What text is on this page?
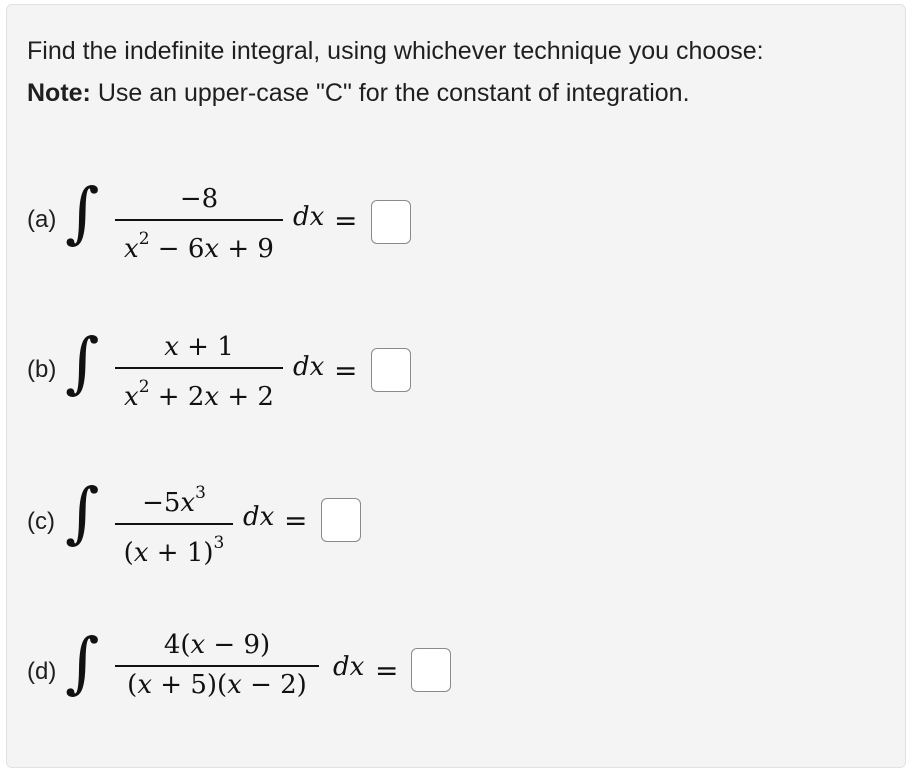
Find the indefinite integral, using whichever technique you choose:
Note: Use an upper-case "C" for the constant of integration.
(a) ∫	−8
$x^2 - 6x + 9$
dx =
(b) ∫	x + 1
$x^2 + 2x + 2$
dx =
(c) ∫	$-5x^3$
$(x + 1)^3$
dx =
(d) ∫	4(x − 9)
(x + 5)(x − 2)
dx =
